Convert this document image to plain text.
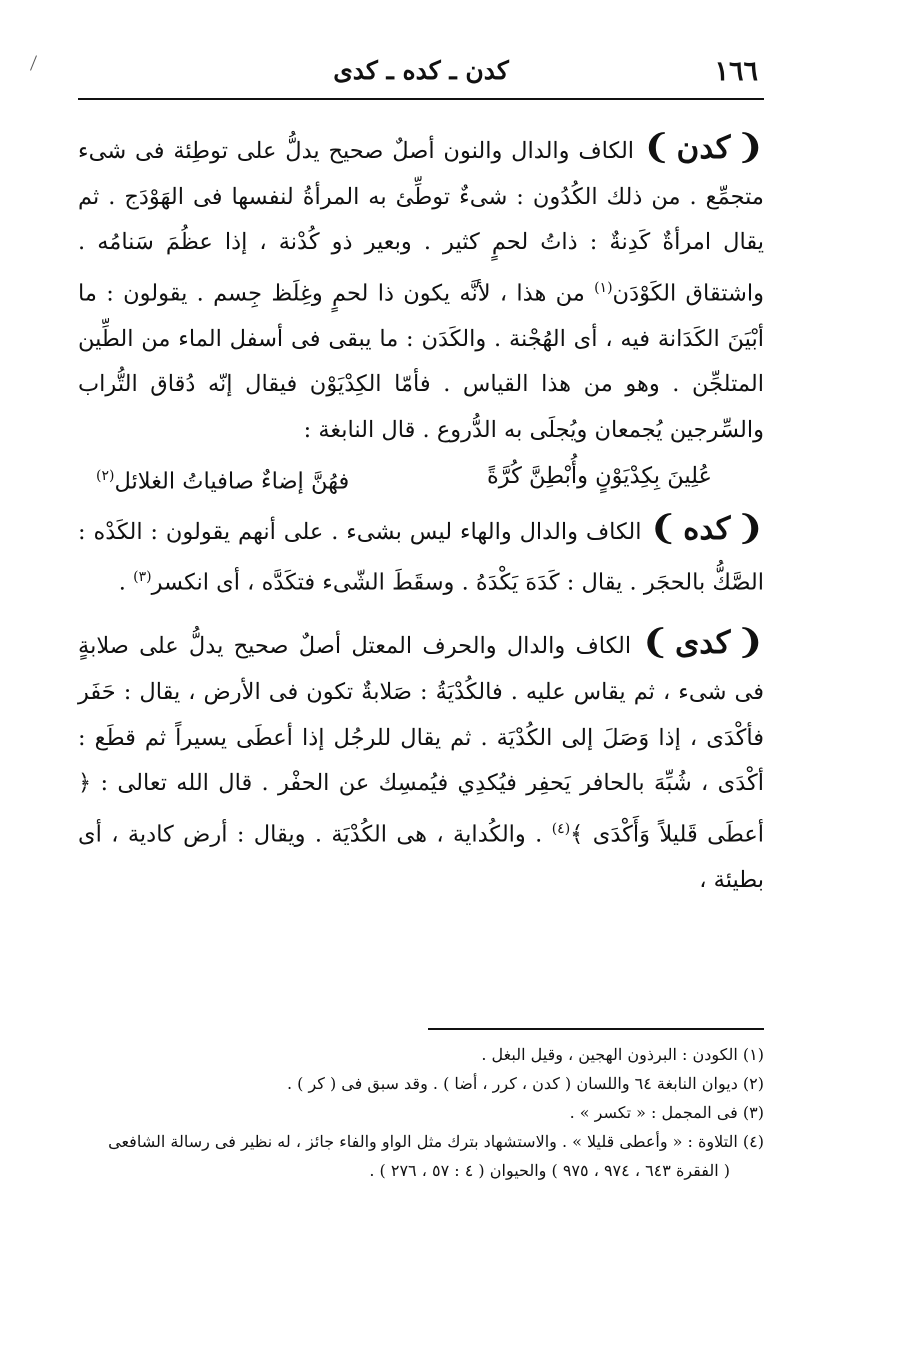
١٦٦
كدن ـ كده ـ كدى

❨كدن❩ الكاف والدال والنون أصلٌ صحيح يدلُّ على توطِئة فى شىء متجمِّع . من ذلك الكُدُون : شىءٌ توطِّئ به المرأةُ لنفسها فى الهَوْدَج . ثم يقال امرأةٌ كَدِنةٌ : ذاتُ لحمٍ كثير . وبعير ذو كُدْنة ، إذا عظُمَ سَنامُه . واشتقاق الكَوْدَن$^{(١)}$ من هذا ، لأنَّه يكون ذا لحمٍ وغِلَظ جِسم . يقولون : ما أبْيَنَ الكَدَانة فيه ، أى الهُجْنة . والكَدَن : ما يبقى فى أسفل الماء من الطِّين المتلجِّن . وهو من هذا القياس . فأمّا الكِدْيَوْن فيقال إنّه دُقاق التُّراب والسِّرجين يُجمعان ويُجلَى به الدُّروع . قال النابغة :

عُلِينَ بِكِدْيَوْنٍ وأُبْطِنَّ كُرَّةً
فهُنَّ إضاءٌ صافياتُ الغلائل$^{(٢)}$

❨كده❩ الكاف والدال والهاء ليس بشىء . على أنهم يقولون : الكَدْه : الصَّكُّ بالحجَر . يقال : كَدَهَ يَكْدَهُ . وسقَطَ الشّىء فتكَدَّه ، أى انكسر$^{(٣)}$ .

❨كدى❩ الكاف والدال والحرف المعتل أصلٌ صحيح يدلُّ على صلابةٍ فى شىء ، ثم يقاس عليه . فالكُدْيَةُ : صَلابةٌ تكون فى الأرض ، يقال : حَفَر فأكْدَى ، إذا وَصَلَ إلى الكُدْيَة . ثم يقال للرجُل إذا أعطَى يسيراً ثم قطَع : أكْدَى ، شُبِّهَ بالحافر يَحفِر فيُكدِي فيُمسِك عن الحفْر . قال الله تعالى : ﴿ أعطَى قَليلاً وَأَكْدَى ﴾$^{(٤)}$ . والكُداية ، هى الكُدْيَة . ويقال : أرض كادية ، أى بطيئة ،

(١) الكودن : البرذون الهجين ، وقيل البغل .

(٢) ديوان النابغة ٦٤ واللسان ( كدن ، كرر ، أضا ) . وقد سبق فى ( كر ) .

(٣) فى المجمل : « تكسر » .

(٤) التلاوة : « وأعطى قليلا » . والاستشهاد بترك مثل الواو والفاء جائز ، له نظير فى رسالة الشافعى

( الفقرة ٦٤٣ ، ٩٧٤ ، ٩٧٥ ) والحيوان ( ٤ : ٥٧ ، ٢٧٦ ) .
